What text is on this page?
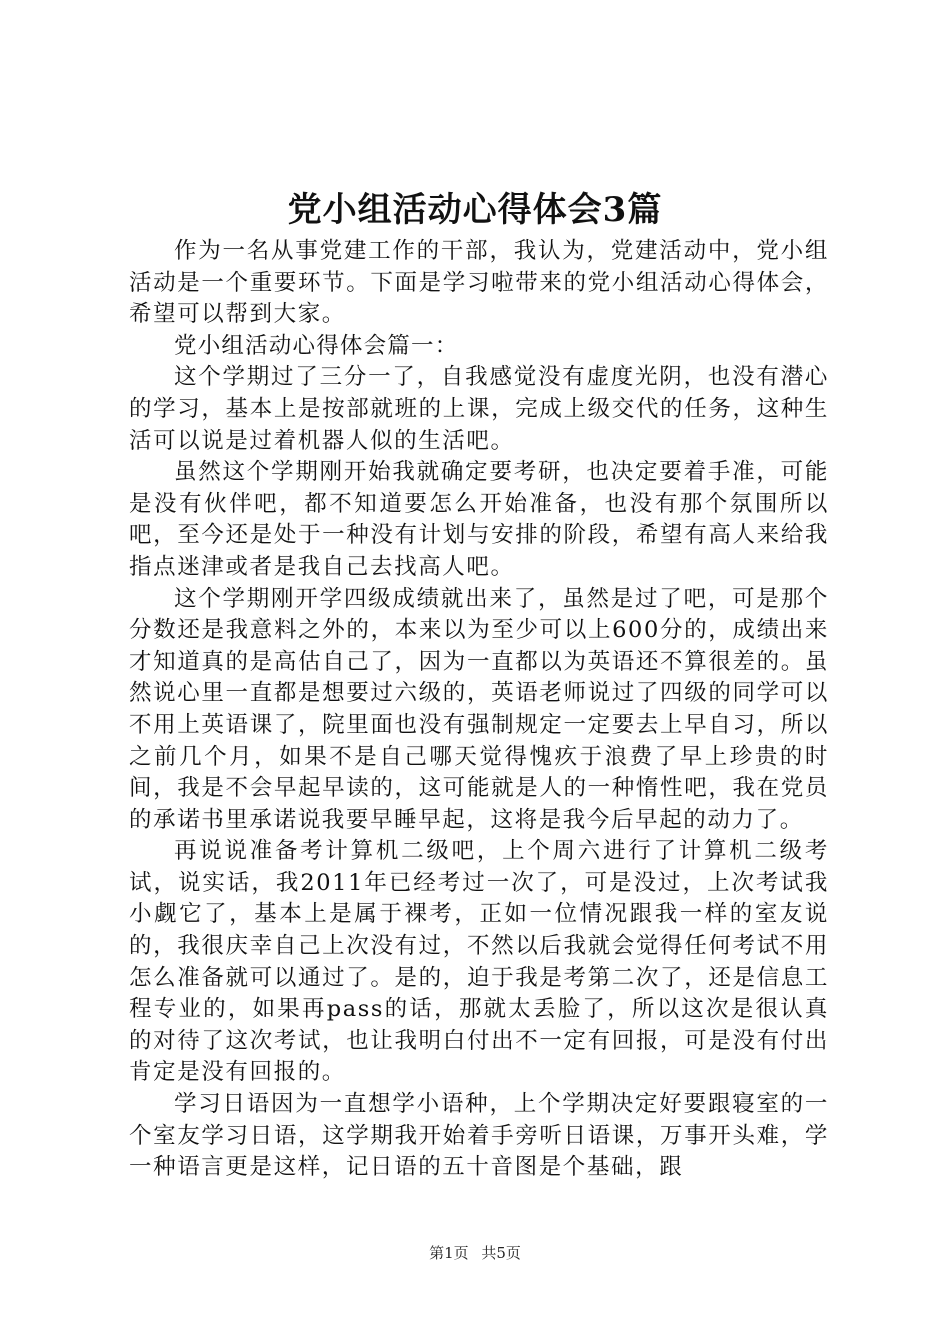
党小组活动心得体会3篇

作为一名从事党建工作的干部，我认为，党建活动中，党小组活动是一个重要环节。下面是学习啦带来的党小组活动心得体会，希望可以帮到大家。

党小组活动心得体会篇一：

这个学期过了三分一了，自我感觉没有虚度光阴，也没有潜心的学习，基本上是按部就班的上课，完成上级交代的任务，这种生活可以说是过着机器人似的生活吧。

虽然这个学期刚开始我就确定要考研，也决定要着手准，可能是没有伙伴吧，都不知道要怎么开始准备，也没有那个氛围所以吧，至今还是处于一种没有计划与安排的阶段，希望有高人来给我指点迷津或者是我自己去找高人吧。

这个学期刚开学四级成绩就出来了，虽然是过了吧，可是那个分数还是我意料之外的，本来以为至少可以上600分的，成绩出来才知道真的是高估自己了，因为一直都以为英语还不算很差的。虽然说心里一直都是想要过六级的，英语老师说过了四级的同学可以不用上英语课了，院里面也没有强制规定一定要去上早自习，所以之前几个月，如果不是自己哪天觉得愧疚于浪费了早上珍贵的时间，我是不会早起早读的，这可能就是人的一种惰性吧，我在党员的承诺书里承诺说我要早睡早起，这将是我今后早起的动力了。

再说说准备考计算机二级吧，上个周六进行了计算机二级考试，说实话，我2011年已经考过一次了，可是没过，上次考试我小觑它了，基本上是属于裸考，正如一位情况跟我一样的室友说的，我很庆幸自己上次没有过，不然以后我就会觉得任何考试不用怎么准备就可以通过了。是的，迫于我是考第二次了，还是信息工程专业的，如果再pass的话，那就太丢脸了，所以这次是很认真的对待了这次考试，也让我明白付出不一定有回报，可是没有付出肯定是没有回报的。

学习日语因为一直想学小语种，上个学期决定好要跟寝室的一个室友学习日语，这学期我开始着手旁听日语课，万事开头难，学一种语言更是这样，记日语的五十音图是个基础，跟

第1页 共5页
